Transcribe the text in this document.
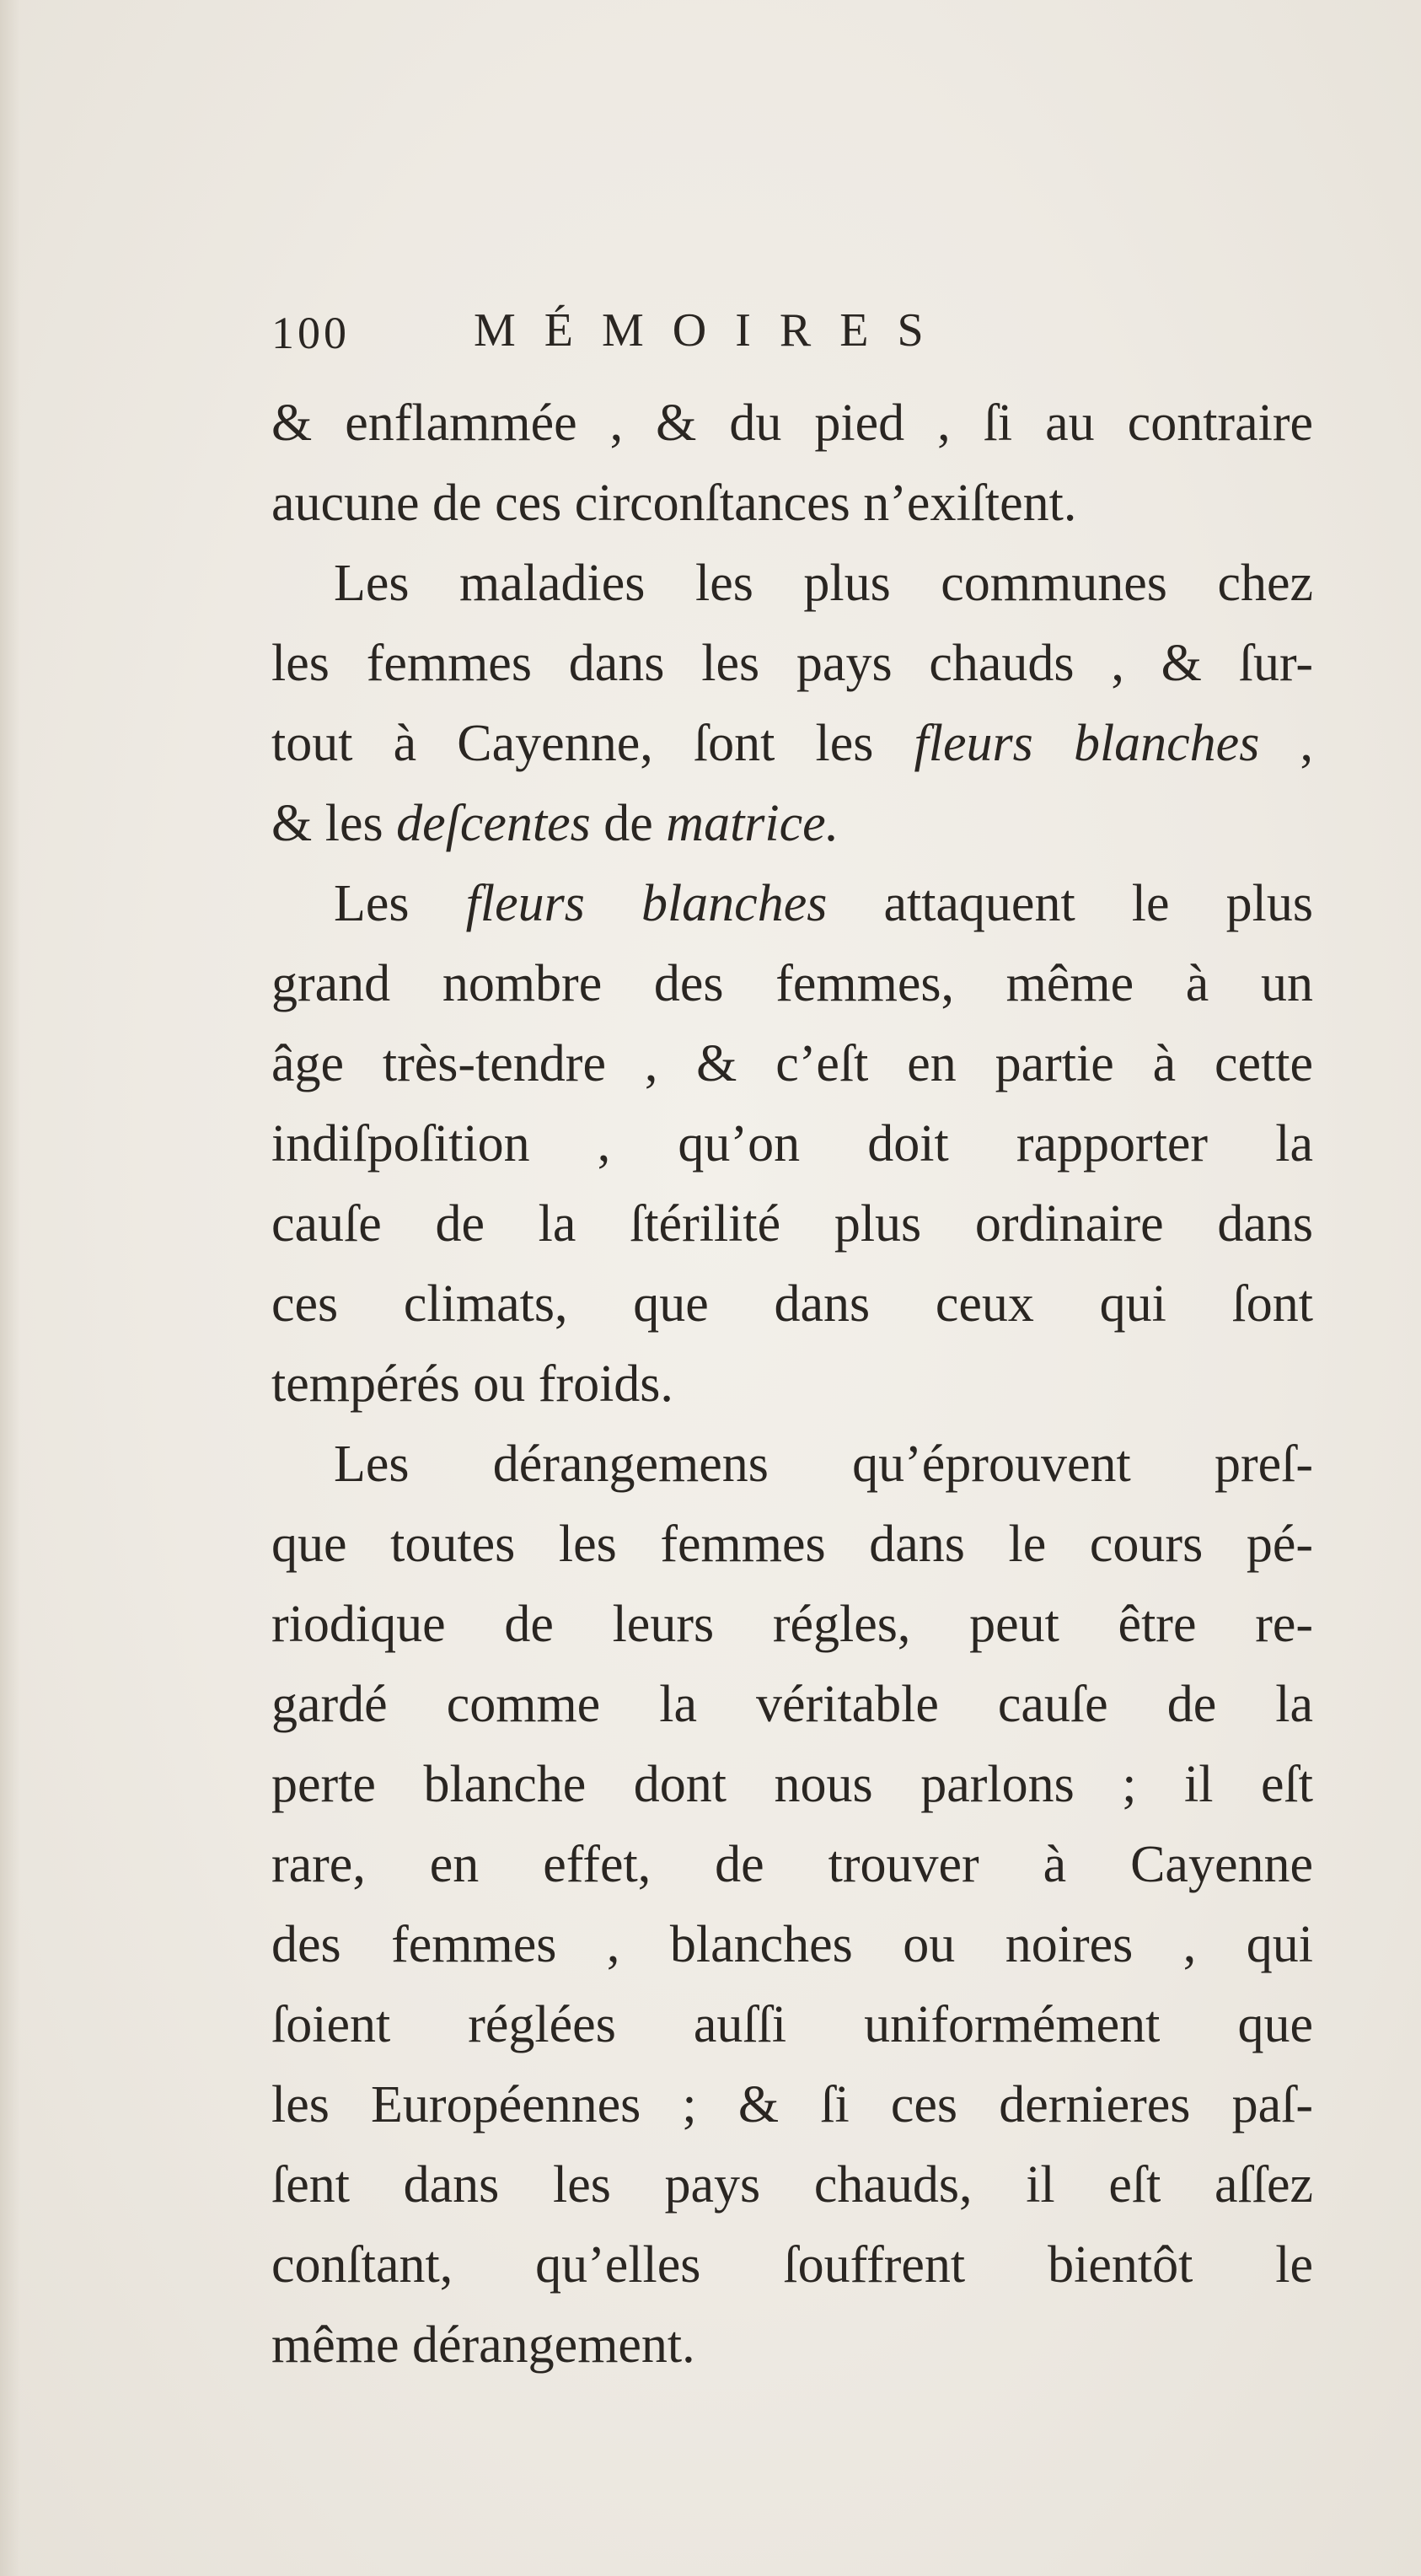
100	MÉMOIRES
& enflammée , & du pied , ſi au contraire
aucune de ces circonſtances n’exiſtent.
Les maladies les plus communes chez
les femmes dans les pays chauds , & ſur-
tout à Cayenne, ſont les fleurs blanches ,
& les deſcentes de matrice.
Les fleurs blanches attaquent le plus
grand nombre des femmes, même à un
âge très-tendre , & c’eſt en partie à cette
indiſpoſition , qu’on doit rapporter la
cauſe de la ſtérilité plus ordinaire dans
ces climats, que dans ceux qui ſont
tempérés ou froids.
Les dérangemens qu’éprouvent preſ-
que toutes les femmes dans le cours pé-
riodique de leurs régles, peut être re-
gardé comme la véritable cauſe de la
perte blanche dont nous parlons ; il eſt
rare, en effet, de trouver à Cayenne
des femmes , blanches ou noires , qui
ſoient réglées auſſi uniformément que
les Européennes ; & ſi ces dernieres paſ-
ſent dans les pays chauds, il eſt aſſez
conſtant, qu’elles ſouffrent bientôt le
même dérangement.
